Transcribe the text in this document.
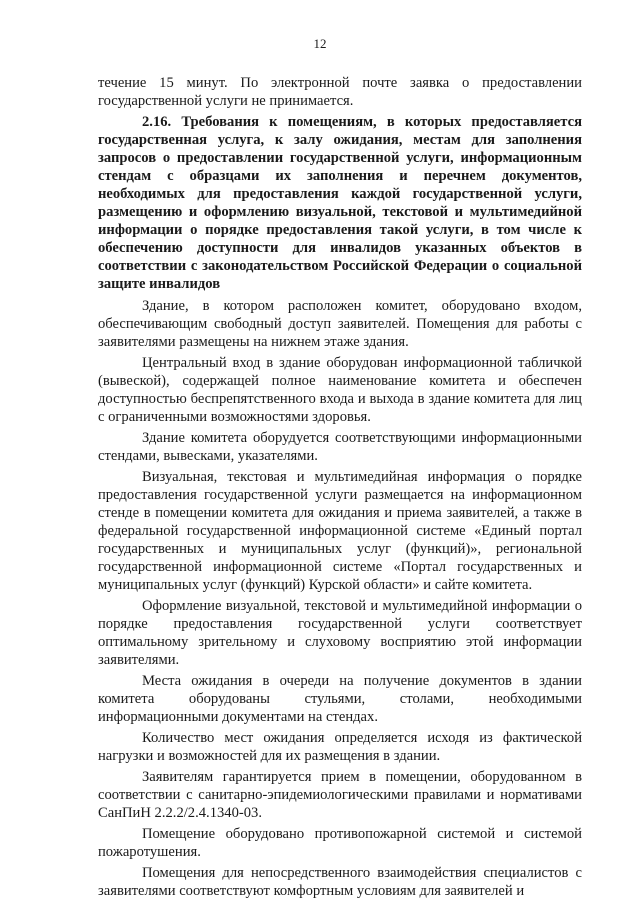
12

течение 15 минут. По электронной почте заявка о предоставлении государственной услуги не принимается.

2.16. Требования к помещениям, в которых предоставляется государственная услуга, к залу ожидания, местам для заполнения запросов о предоставлении государственной услуги, информационным стендам с образцами их заполнения и перечнем документов, необходимых для предоставления каждой государственной услуги, размещению и оформлению визуальной, текстовой и мультимедийной информации о порядке предоставления такой услуги, в том числе к обеспечению доступности для инвалидов указанных объектов в соответствии с законодательством Российской Федерации о социальной защите инвалидов

Здание, в котором расположен комитет, оборудовано входом, обеспечивающим свободный доступ заявителей. Помещения для работы с заявителями размещены на нижнем этаже здания.

Центральный вход в здание оборудован информационной табличкой (вывеской), содержащей полное наименование комитета и обеспечен доступностью беспрепятственного входа и выхода в здание комитета для лиц с ограниченными возможностями здоровья.

Здание комитета оборудуется соответствующими информационными стендами, вывесками, указателями.

Визуальная, текстовая и мультимедийная информация о порядке предоставления государственной услуги размещается на информационном стенде в помещении комитета для ожидания и приема заявителей, а также в федеральной государственной информационной системе «Единый портал государственных и муниципальных услуг (функций)», региональной государственной информационной системе «Портал государственных и муниципальных услуг (функций) Курской области» и сайте комитета.

Оформление визуальной, текстовой и мультимедийной информации о порядке предоставления государственной услуги соответствует оптимальному зрительному и слуховому восприятию этой информации заявителями.

Места ожидания в очереди на получение документов в здании комитета оборудованы стульями, столами, необходимыми информационными документами на стендах.

Количество мест ожидания определяется исходя из фактической нагрузки и возможностей для их размещения в здании.

Заявителям гарантируется прием в помещении, оборудованном в соответствии с санитарно-эпидемиологическими правилами и нормативами СанПиН 2.2.2/2.4.1340-03.

Помещение оборудовано противопожарной системой и системой пожаротушения.

Помещения для непосредственного взаимодействия специалистов с заявителями соответствуют комфортным условиям для заявителей и
